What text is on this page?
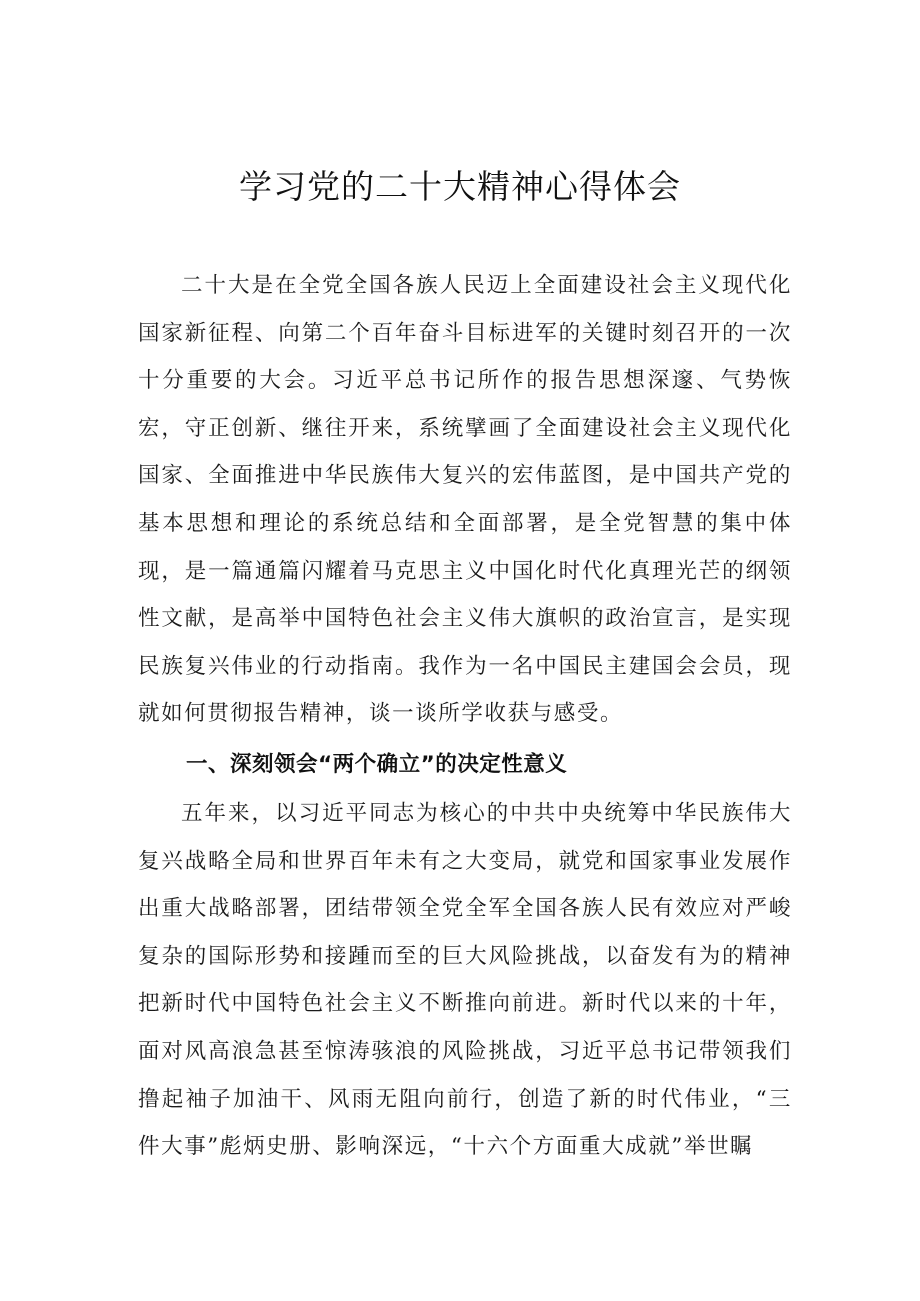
学习党的二十大精神心得体会

二十大是在全党全国各族人民迈上全面建设社会主义现代化国家新征程、向第二个百年奋斗目标进军的关键时刻召开的一次十分重要的大会。习近平总书记所作的报告思想深邃、气势恢宏，守正创新、继往开来，系统擘画了全面建设社会主义现代化国家、全面推进中华民族伟大复兴的宏伟蓝图，是中国共产党的基本思想和理论的系统总结和全面部署，是全党智慧的集中体现，是一篇通篇闪耀着马克思主义中国化时代化真理光芒的纲领性文献，是高举中国特色社会主义伟大旗帜的政治宣言，是实现民族复兴伟业的行动指南。我作为一名中国民主建国会会员，现就如何贯彻报告精神，谈一谈所学收获与感受。

一、深刻领会“两个确立”的决定性意义

五年来，以习近平同志为核心的中共中央统筹中华民族伟大复兴战略全局和世界百年未有之大变局，就党和国家事业发展作出重大战略部署，团结带领全党全军全国各族人民有效应对严峻复杂的国际形势和接踵而至的巨大风险挑战，以奋发有为的精神把新时代中国特色社会主义不断推向前进。新时代以来的十年，面对风高浪急甚至惊涛骇浪的风险挑战，习近平总书记带领我们撸起袖子加油干、风雨无阻向前行，创造了新的时代伟业，“三件大事”彪炳史册、影响深远，“十六个方面重大成就”举世瞩
